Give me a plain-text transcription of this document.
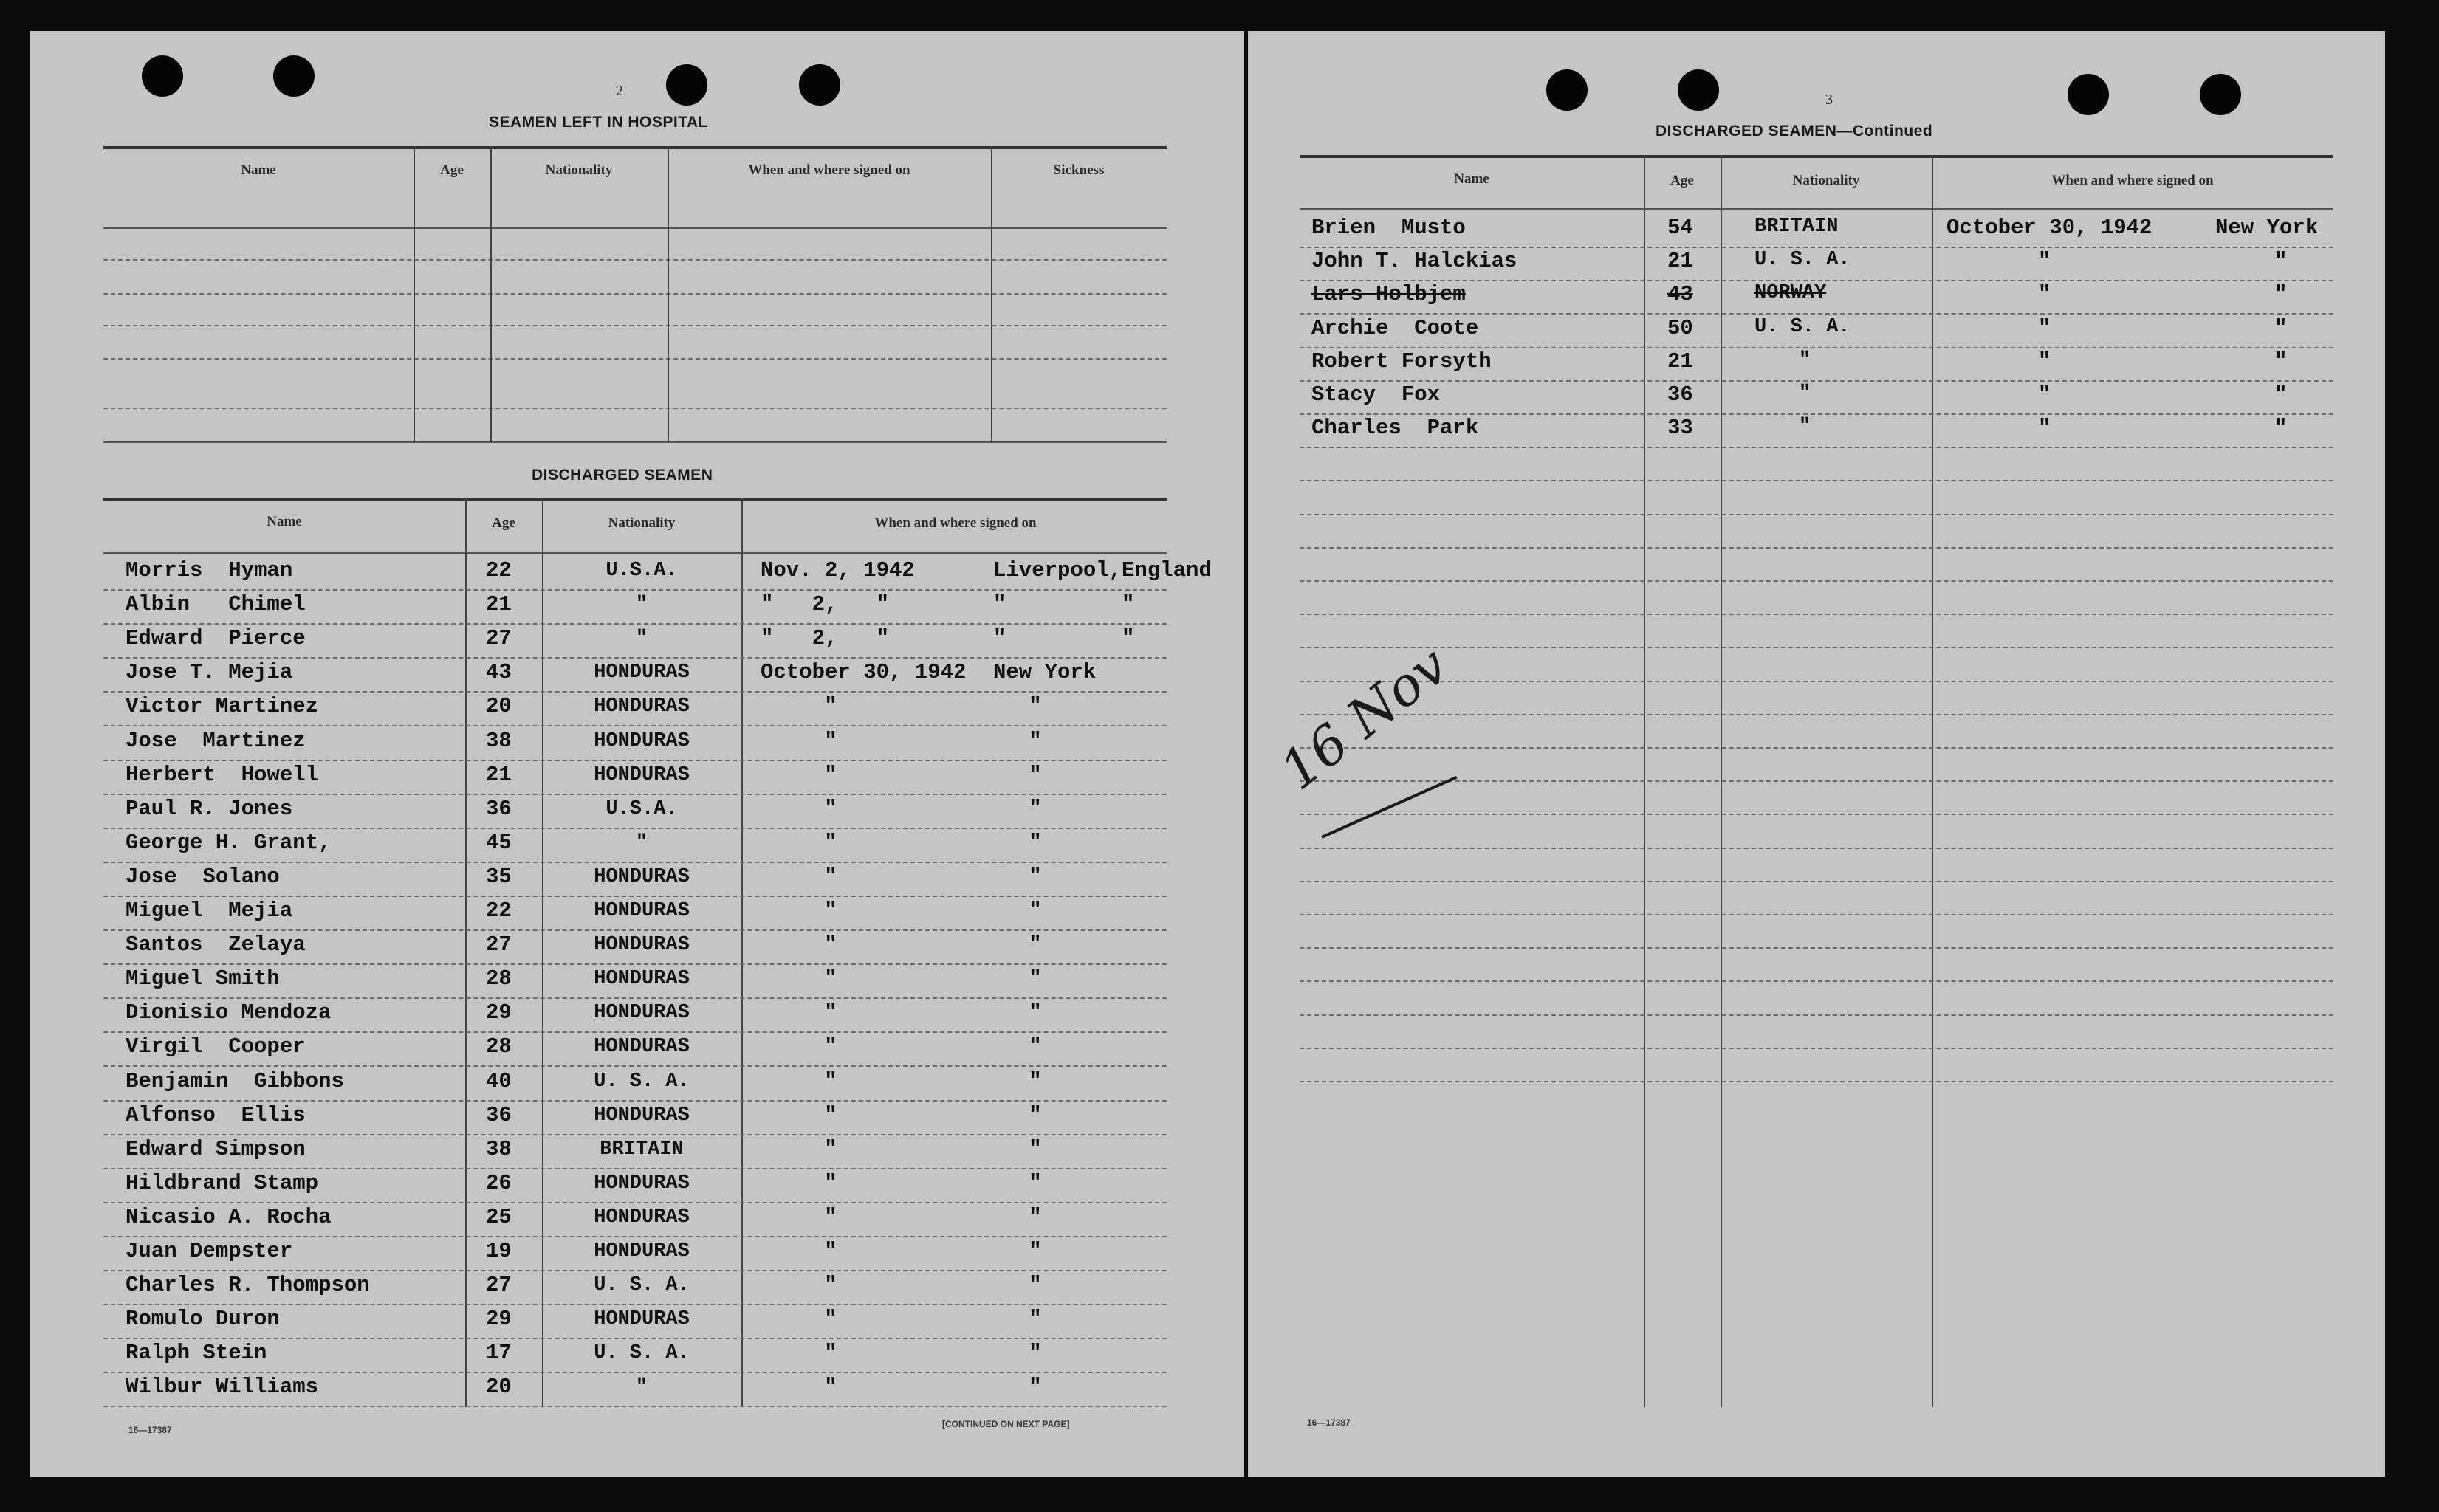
2
SEAMEN LEFT IN HOSPITAL
Name	Age	Nationality	When and where signed on	Sickness
DISCHARGED SEAMEN
Name	Age	Nationality	When and where signed on
Morris  Hyman	22	U.S.A.	Nov. 2, 1942	Liverpool,England
Albin   Chimel	21	"	"   2,   "	"         "
Edward  Pierce	27	"	"   2,   "	"         "
Jose T. Mejia	43	HONDURAS	October 30, 1942 New York
Victor Martinez	20	HONDURAS	"	"
Jose  Martinez	38	HONDURAS	"	"
Herbert  Howell	21	HONDURAS	"	"
Paul R. Jones	36	U.S.A.	"	"
George H. Grant,	45	"	"	"
Jose  Solano	35	HONDURAS	"	"
Miguel  Mejia	22	HONDURAS	"	"
Santos  Zelaya	27	HONDURAS	"	"
Miguel Smith	28	HONDURAS	"	"
Dionisio Mendoza	29	HONDURAS	"	"
Virgil  Cooper	28	HONDURAS	"	"
Benjamin  Gibbons	40	U. S. A.	"	"
Alfonso  Ellis	36	HONDURAS	"	"
Edward Simpson	38	BRITAIN	"	"
Hildbrand Stamp	26	HONDURAS	"	"
Nicasio A. Rocha	25	HONDURAS	"	"
Juan Dempster	19	HONDURAS	"	"
Charles R. Thompson	27	U. S. A.	"	"
Romulo Duron	29	HONDURAS	"	"
Ralph Stein	17	U. S. A.	"	"
Wilbur Williams	20	"	"	"
16—17387
[CONTINUED ON NEXT PAGE]
3
DISCHARGED SEAMEN—Continued
Name	Age	Nationality	When and where signed on
Brien  Musto	54	BRITAIN	October 30, 1942	New York
John T. Halckias	21	U. S. A.	"	"
Lars Holbjem	43	NORWAY	"	"
Archie  Coote	50	U. S. A.	"	"
Robert Forsyth	21	"	"	"
Stacy  Fox	36	"	"	"
Charles  Park	33	"	"	"
16 Nov
16—17387
